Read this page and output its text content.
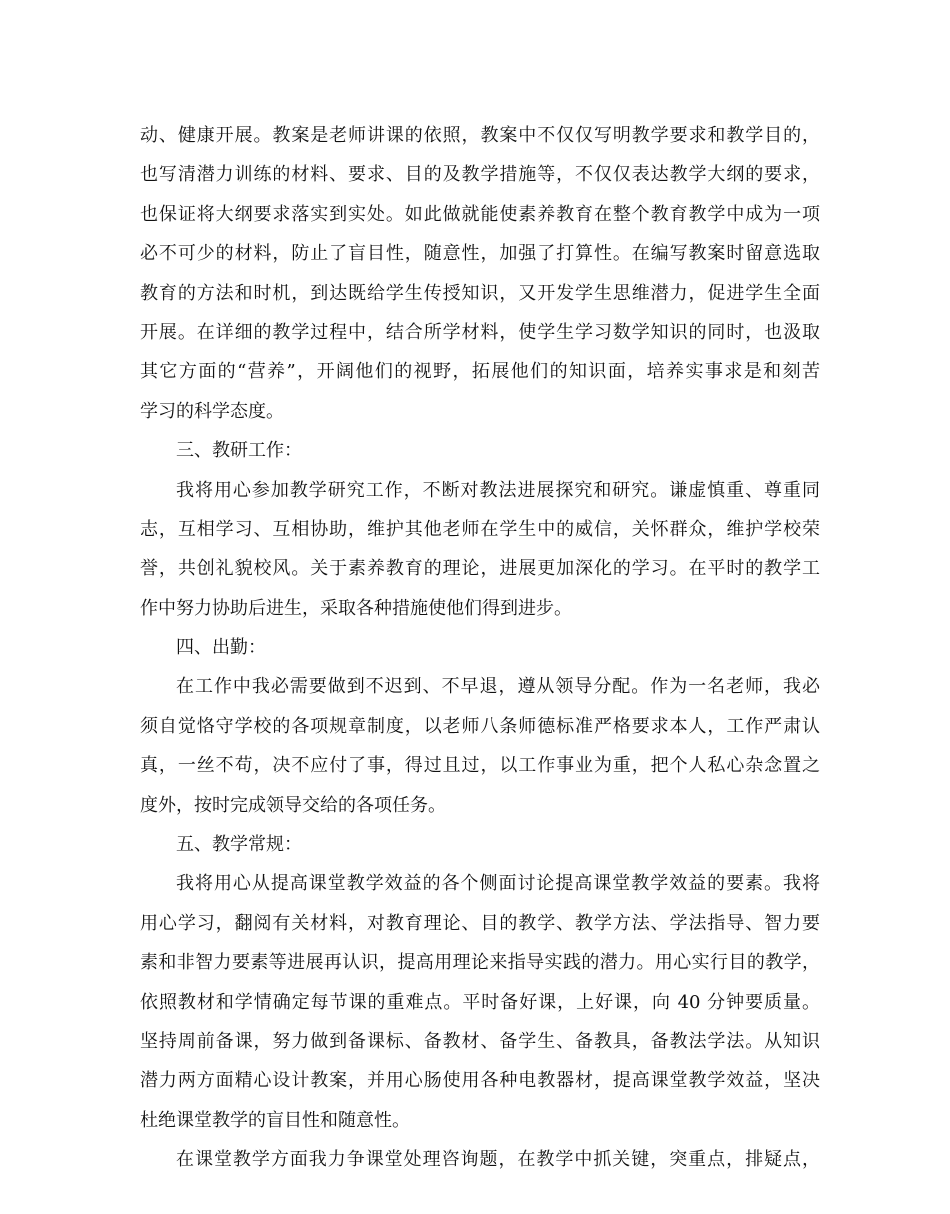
动、健康开展。教案是老师讲课的依照，教案中不仅仅写明教学要求和教学目的，
也写清潜力训练的材料、要求、目的及教学措施等，不仅仅表达教学大纲的要求，
也保证将大纲要求落实到实处。如此做就能使素养教育在整个教育教学中成为一项
必不可少的材料，防止了盲目性，随意性，加强了打算性。在编写教案时留意选取
教育的方法和时机，到达既给学生传授知识，又开发学生思维潜力，促进学生全面
开展。在详细的教学过程中，结合所学材料，使学生学习数学知识的同时，也汲取
其它方面的“营养”，开阔他们的视野，拓展他们的知识面，培养实事求是和刻苦
学习的科学态度。
三、教研工作：
我将用心参加教学研究工作，不断对教法进展探究和研究。谦虚慎重、尊重同
志，互相学习、互相协助，维护其他老师在学生中的威信，关怀群众，维护学校荣
誉，共创礼貌校风。关于素养教育的理论，进展更加深化的学习。在平时的教学工
作中努力协助后进生，采取各种措施使他们得到进步。
四、出勤：
在工作中我必需要做到不迟到、不早退，遵从领导分配。作为一名老师，我必
须自觉恪守学校的各项规章制度，以老师八条师德标准严格要求本人，工作严肃认
真，一丝不苟，决不应付了事，得过且过，以工作事业为重，把个人私心杂念置之
度外，按时完成领导交给的各项任务。
五、教学常规：
我将用心从提高课堂教学效益的各个侧面讨论提高课堂教学效益的要素。我将
用心学习，翻阅有关材料，对教育理论、目的教学、教学方法、学法指导、智力要
素和非智力要素等进展再认识，提高用理论来指导实践的潜力。用心实行目的教学，
依照教材和学情确定每节课的重难点。平时备好课，上好课，向 40 分钟要质量。
坚持周前备课，努力做到备课标、备教材、备学生、备教具，备教法学法。从知识
潜力两方面精心设计教案，并用心肠使用各种电教器材，提高课堂教学效益，坚决
杜绝课堂教学的盲目性和随意性。
在课堂教学方面我力争课堂处理咨询题，在教学中抓关键，突重点，排疑点，
